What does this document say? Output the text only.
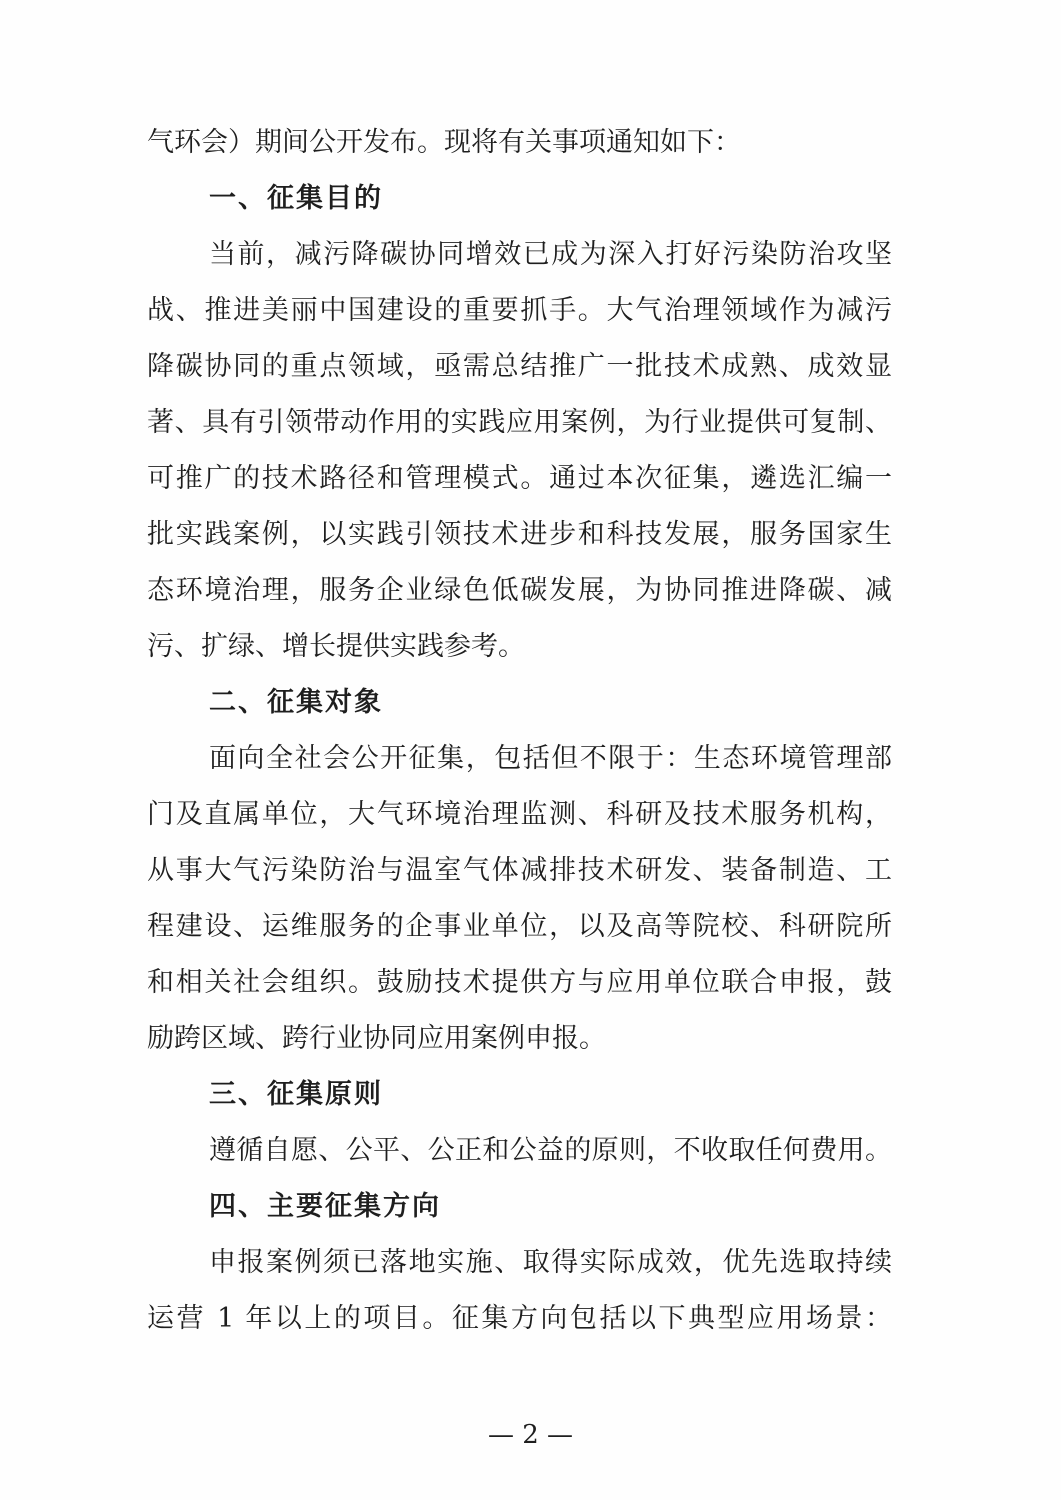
气环会）期间公开发布。现将有关事项通知如下：
一、征集目的
当前，减污降碳协同增效已成为深入打好污染防治攻坚
战、推进美丽中国建设的重要抓手。大气治理领域作为减污
降碳协同的重点领域，亟需总结推广一批技术成熟、成效显
著、具有引领带动作用的实践应用案例，为行业提供可复制、
可推广的技术路径和管理模式。通过本次征集，遴选汇编一
批实践案例，以实践引领技术进步和科技发展，服务国家生
态环境治理，服务企业绿色低碳发展，为协同推进降碳、减
污、扩绿、增长提供实践参考。
二、征集对象
面向全社会公开征集，包括但不限于：生态环境管理部
门及直属单位，大气环境治理监测、科研及技术服务机构，
从事大气污染防治与温室气体减排技术研发、装备制造、工
程建设、运维服务的企事业单位，以及高等院校、科研院所
和相关社会组织。鼓励技术提供方与应用单位联合申报，鼓
励跨区域、跨行业协同应用案例申报。
三、征集原则
遵循自愿、公平、公正和公益的原则，不收取任何费用。
四、主要征集方向
申报案例须已落地实施、取得实际成效，优先选取持续
运营 1 年以上的项目。征集方向包括以下典型应用场景：
— 2 —
